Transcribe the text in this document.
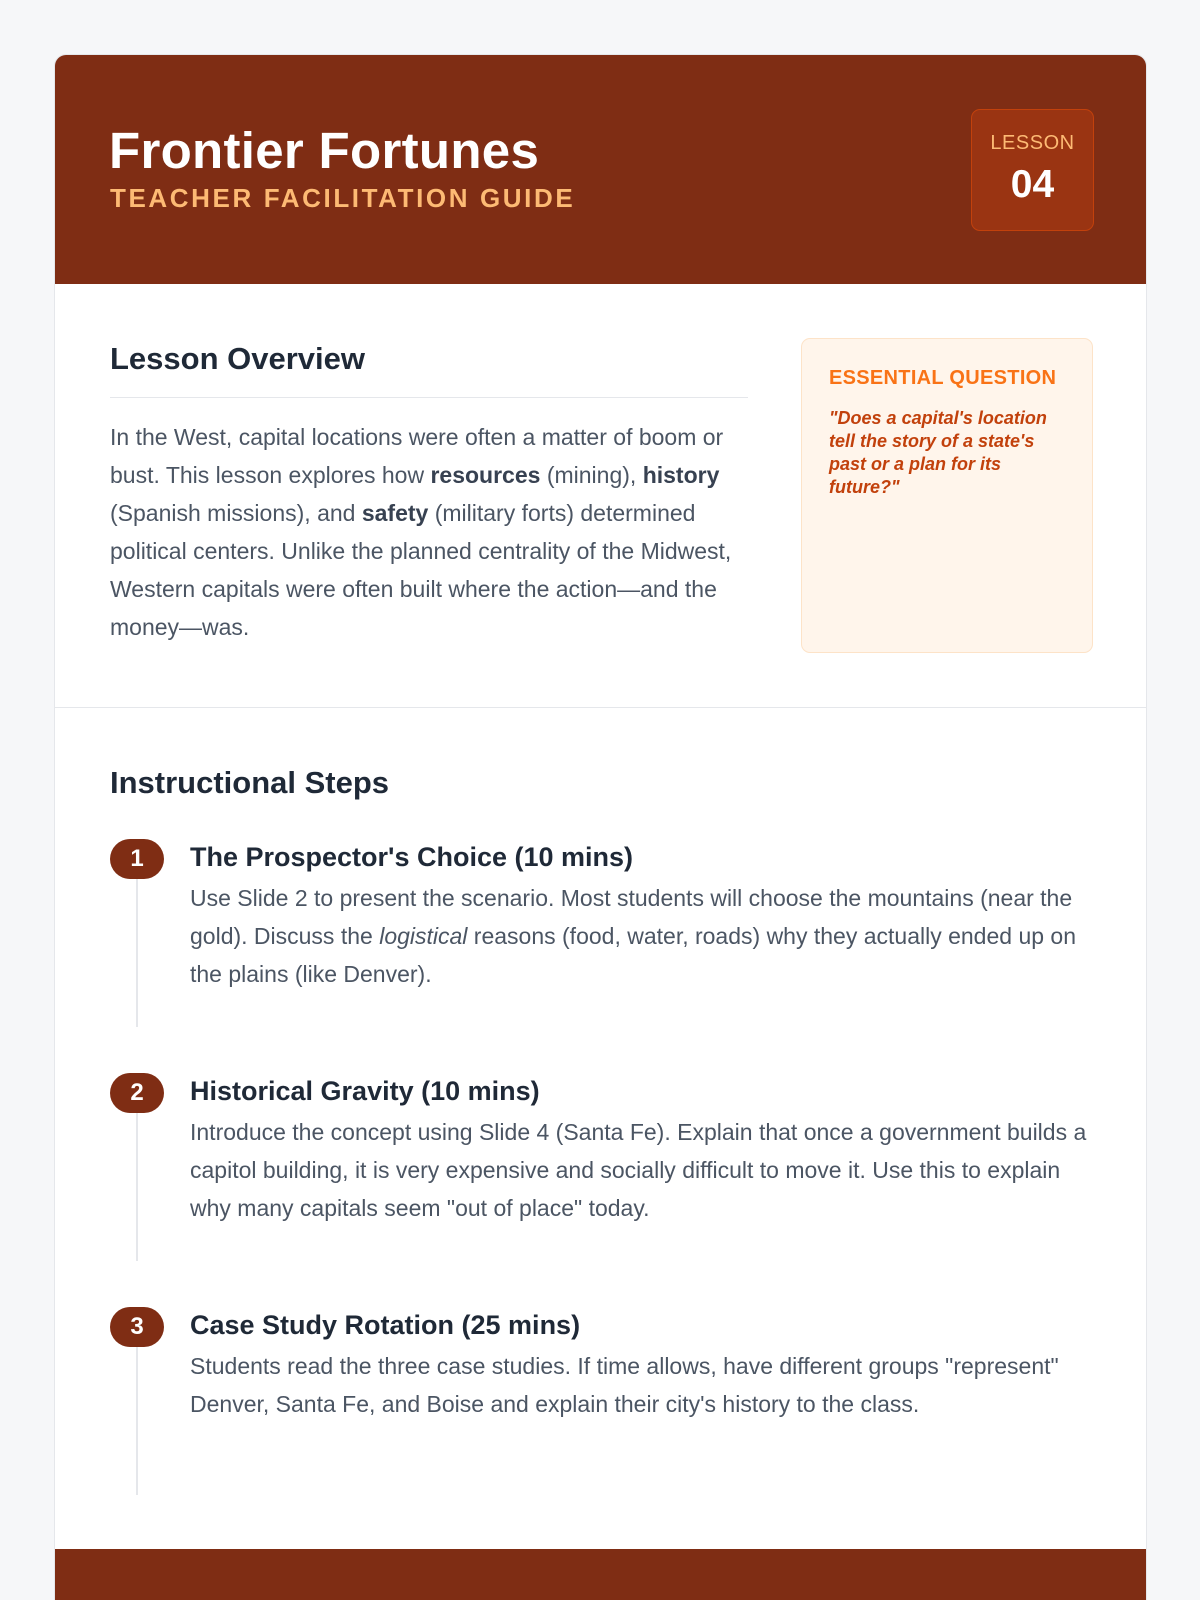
Frontier Fortunes
TEACHER FACILITATION GUIDE
LESSON
04
Lesson Overview

In the West, capital locations were often a matter of boom or bust. This lesson explores how resources (mining), history (Spanish missions), and safety (military forts) determined political centers. Unlike the planned centrality of the Midwest, Western capitals were often built where the action—and the money—was.

ESSENTIAL QUESTION

"Does a capital's location tell the story of a state's past or a plan for its future?"

Instructional Steps
1	The Prospector's Choice (10 mins)

Use Slide 2 to present the scenario. Most students will choose the mountains (near the gold). Discuss the logistical reasons (food, water, roads) why they actually ended up on the plains (like Denver).

2	Historical Gravity (10 mins)

Introduce the concept using Slide 4 (Santa Fe). Explain that once a government builds a capitol building, it is very expensive and socially difficult to move it. Use this to explain why many capitals seem "out of place" today.

3	Case Study Rotation (25 mins)

Students read the three case studies. If time allows, have different groups "represent" Denver, Santa Fe, and Boise and explain their city's history to the class.
